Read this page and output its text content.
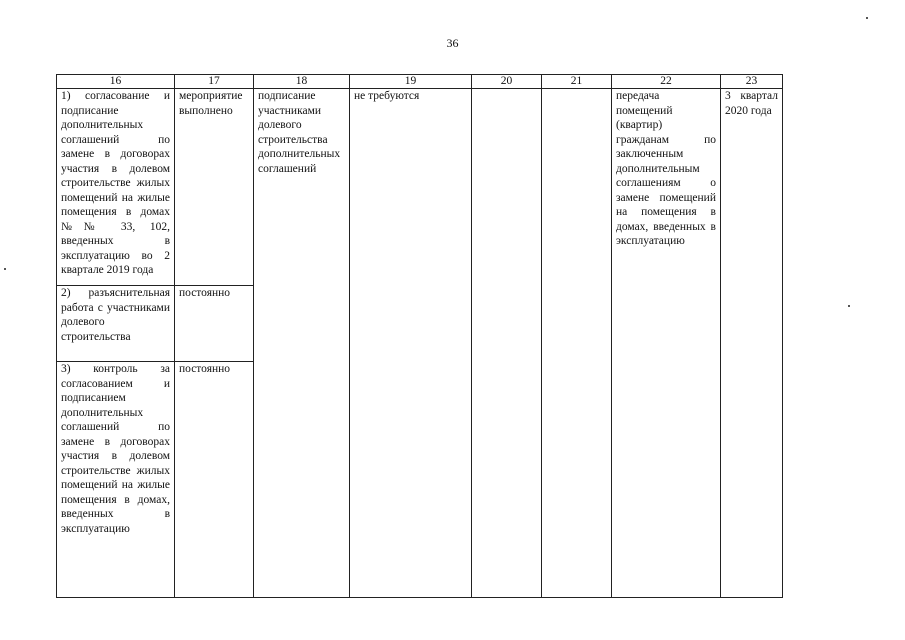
36
16	17	18	19	20	21	22	23
1) согласование и подписание дополнительных соглашений по замене в договорах участия в долевом строительстве жилых помещений на жилые помещения в домах №№ 33, 102, введенных в эксплуатацию во 2 квартале 2019 года	мероприятие выполнено	подписание участниками долевого строительства дополнительных соглашений	не требуются			передача помещений (квартир) гражданам по заключенным дополнительным соглашениям о замене помещений на помещения в домах, введенных в эксплуатацию	3 квартал 2020 года
2) разъяснительная работа с участниками долевого строительства	постоянно						
3) контроль за согласованием и подписанием дополнительных соглашений по замене в договорах участия в долевом строительстве жилых помещений на жилые помещения в домах, введенных в эксплуатацию	постоянно						
